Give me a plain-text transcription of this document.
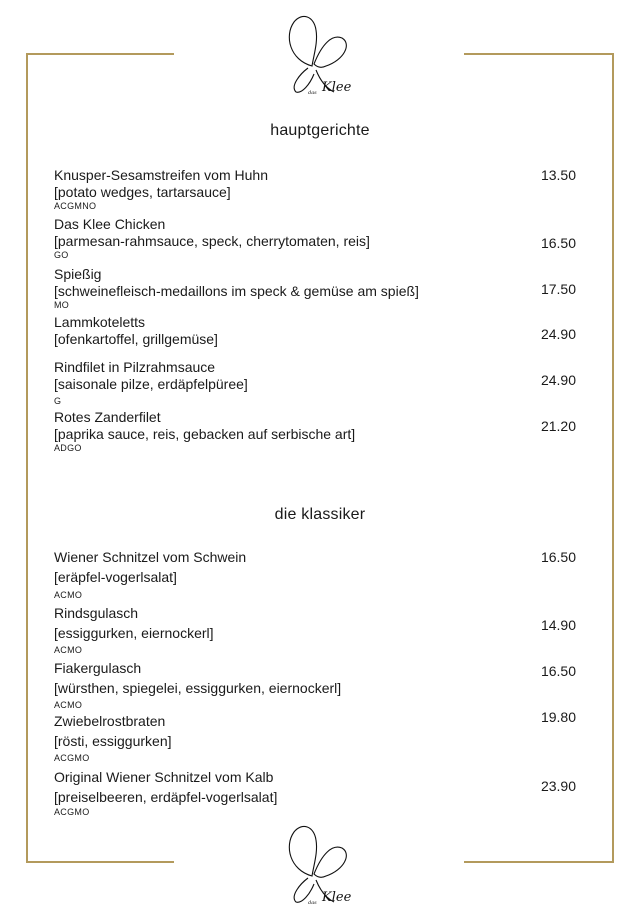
Klee
das
hauptgerichte
Knusper-Sesamstreifen vom Huhn
[potato wedges, tartarsauce]
ACGMNO
13.50
Das Klee Chicken
[parmesan-rahmsauce, speck, cherrytomaten, reis]
GO
16.50
Spießig
[schweinefleisch-medaillons im speck & gemüse am spieß]
MO
17.50
Lammkoteletts
[ofenkartoffel, grillgemüse]	24.90
Rindfilet in Pilzrahmsauce
[saisonale pilze, erdäpfelpüree]
G
24.90
Rotes Zanderfilet
[paprika sauce, reis, gebacken auf serbische art]
ADGO
21.20
die klassiker
Wiener Schnitzel vom Schwein
[eräpfel-vogerlsalat]
ACMO
16.50
Rindsgulasch
[essiggurken, eiernockerl]
ACMO
14.90
Fiakergulasch
[würsthen, spiegelei, essiggurken, eiernockerl]
ACMO
16.50
Zwiebelrostbraten
[rösti, essiggurken]
ACGMO
19.80
Original Wiener Schnitzel vom Kalb
[preiselbeeren, erdäpfel-vogerlsalat]
ACGMO
23.90
Klee
das
